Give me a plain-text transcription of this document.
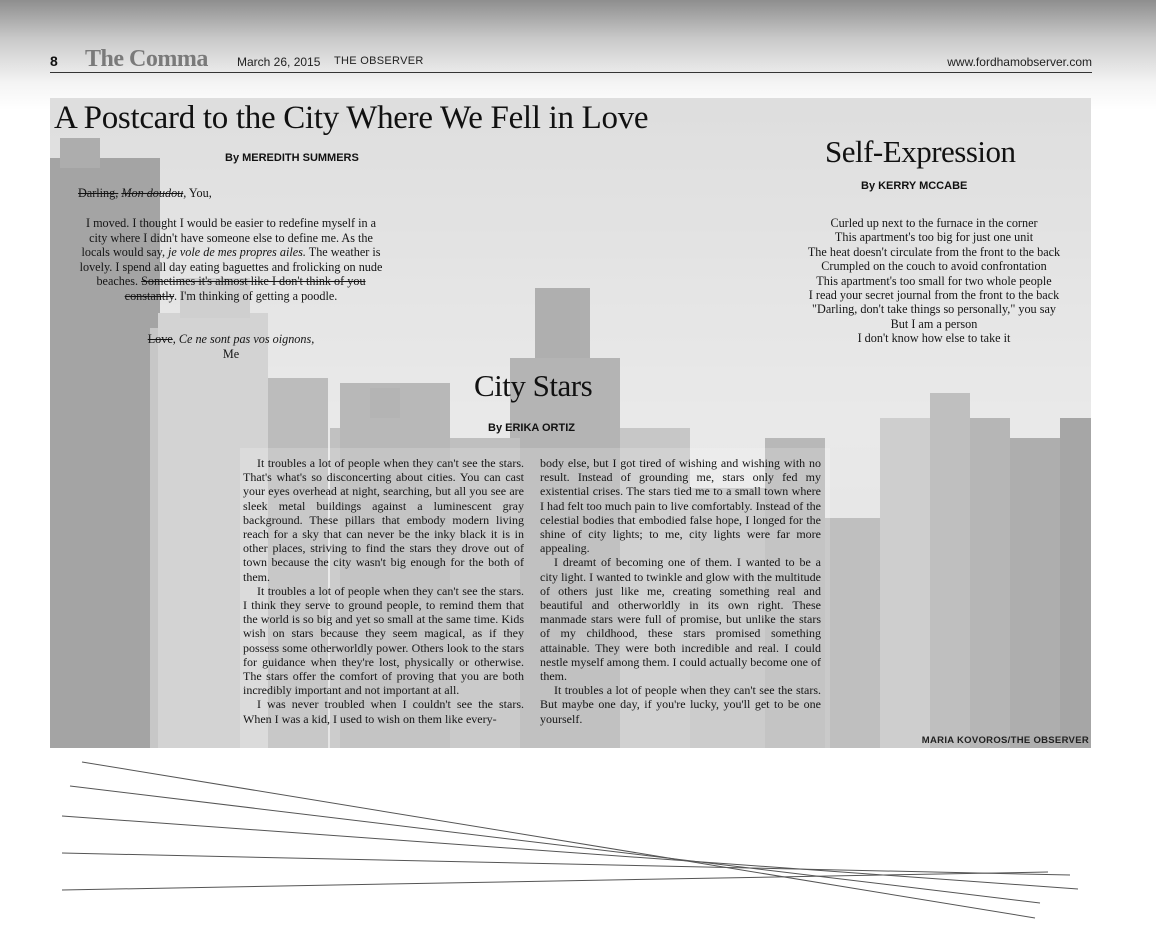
8 The Comma March 26, 2015 THE OBSERVER	www.fordhamobserver.com
A Postcard to the City Where We Fell in Love
By MEREDITH SUMMERS
Darling, Mon doudou, You,
I moved. I thought I would be easier to redefine myself in a city where I didn't have someone else to define me. As the locals would say, je vole de mes propres ailes. The weather is lovely. I spend all day eating baguettes and frolicking on nude beaches. Sometimes it's almost like I don't think of you constantly. I'm thinking of getting a poodle.
Love, Ce ne sont pas vos oignons,
Me
Self-Expression
By KERRY MCCABE
Curled up next to the furnace in the corner
This apartment's too big for just one unit
The heat doesn't circulate from the front to the back
Crumpled on the couch to avoid confrontation
This apartment's too small for two whole people
I read your secret journal from the front to the back
"Darling, don't take things so personally," you say
But I am a person
I don't know how else to take it
City Stars
By ERIKA ORTIZ

It troubles a lot of people when they can't see the stars. That's what's so disconcerting about cities. You can cast your eyes overhead at night, searching, but all you see are sleek metal buildings against a luminescent gray background. These pillars that embody modern living reach for a sky that can never be the inky black it is in other places, striving to find the stars they drove out of town because the city wasn't big enough for the both of them.

It troubles a lot of people when they can't see the stars. I think they serve to ground people, to remind them that the world is so big and yet so small at the same time. Kids wish on stars because they seem magical, as if they possess some otherworldly power. Others look to the stars for guidance when they're lost, physically or otherwise. The stars offer the comfort of proving that you are both incredibly important and not important at all.

I was never troubled when I couldn't see the stars. When I was a kid, I used to wish on them like every-

body else, but I got tired of wishing and wishing with no result. Instead of grounding me, stars only fed my existential crises. The stars tied me to a small town where I had felt too much pain to live comfortably. Instead of the celestial bodies that embodied false hope, I longed for the shine of city lights; to me, city lights were far more appealing.

I dreamt of becoming one of them. I wanted to be a city light. I wanted to twinkle and glow with the multitude of others just like me, creating something real and beautiful and otherworldly in its own right. These manmade stars were full of promise, but unlike the stars of my childhood, these stars promised something attainable. They were both incredible and real. I could nestle myself among them. I could actually become one of them.

It troubles a lot of people when they can't see the stars. But maybe one day, if you're lucky, you'll get to be one yourself.

MARIA KOVOROS/THE OBSERVER
